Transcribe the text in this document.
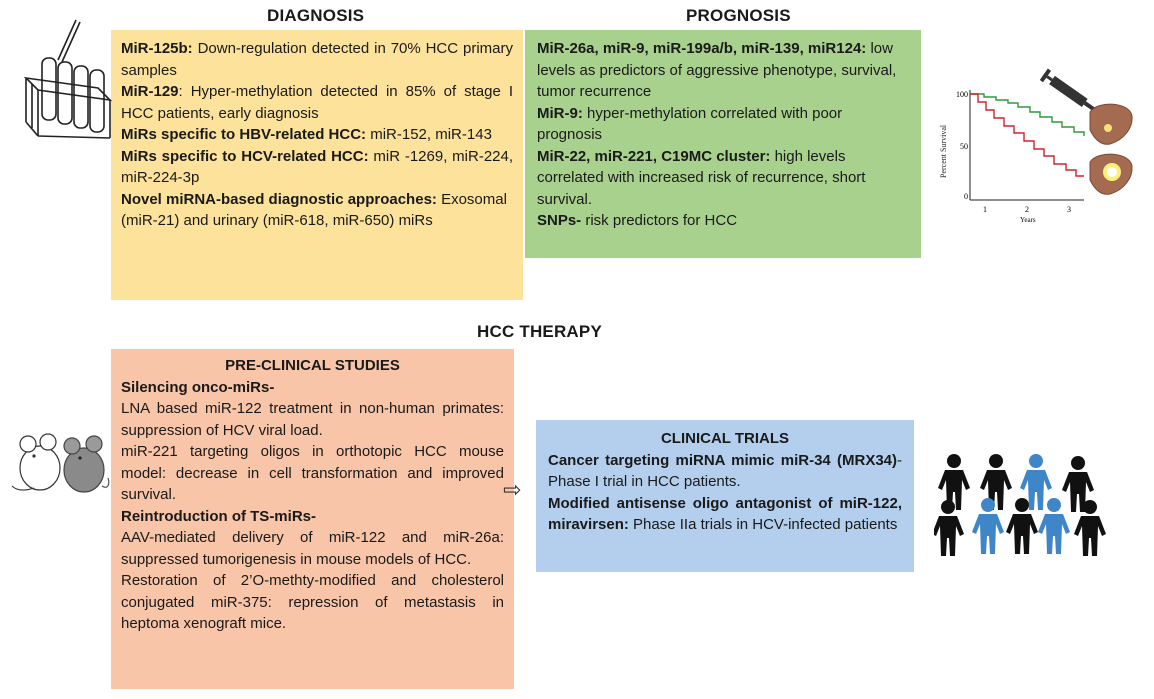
DIAGNOSIS	PROGNOSIS
HCC THERAPY

MiR-125b: Down-regulation detected in 70% HCC primary samples

MiR-129: Hyper-methylation detected in 85% of stage I HCC patients, early diagnosis

MiRs specific to HBV-related HCC: miR-152, miR-143

MiRs specific to HCV-related HCC: miR -1269, miR-224, miR-224-3p

Novel miRNA-based diagnostic approaches: Exosomal (miR-21) and urinary (miR-618, miR-650) miRs

MiR-26a, miR-9, miR-199a/b, miR-139, miR124: low levels as predictors of aggressive phenotype, survival, tumor recurrence

MiR-9: hyper-methylation correlated with poor prognosis

MiR-22, miR-221, C19MC cluster: high levels correlated with increased risk of recurrence, short survival.

SNPs- risk predictors for HCC

PRE-CLINICAL STUDIES

Silencing onco-miRs-

LNA based miR-122 treatment in non-human primates: suppression of HCV viral load.

miR-221 targeting oligos in orthotopic HCC mouse model: decrease in cell transformation and improved survival.

Reintroduction of TS-miRs-

AAV-mediated delivery of miR-122 and miR-26a: suppressed tumorigenesis in mouse models of HCC.

Restoration of 2’O-methty-modified and cholesterol conjugated miR-375: repression of metastasis in heptoma xenograft mice.

⇨

CLINICAL TRIALS

Cancer targeting miRNA mimic miR-34 (MRX34)- Phase I trial in HCC patients.

Modified antisense oligo antagonist of miR-122, miravirsen: Phase IIa trials in HCV-infected patients

Percent Survival
100
50
0
1	2	3
Years
